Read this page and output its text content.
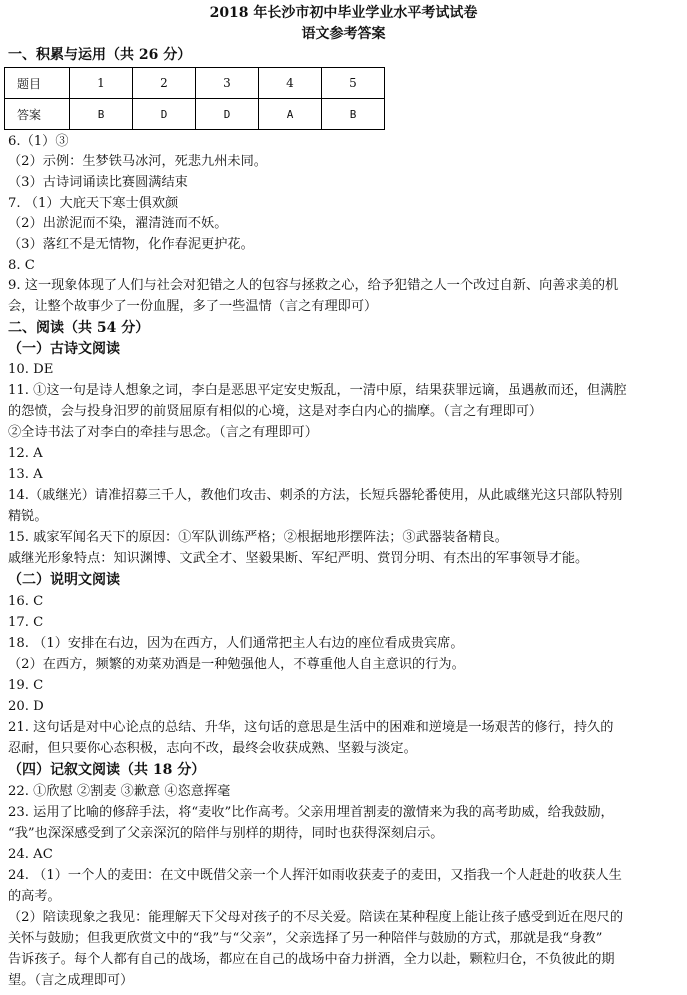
2018 年长沙市初中毕业学业水平考试试卷
语文参考答案
一、积累与运用（共 26 分）
题目	1	2	3	4	5
答案	B	D	D	A	B
6.（1）③
（2）示例：生梦铁马冰河，死悲九州未同。
（3）古诗词诵读比赛圆满结束
7. （1）大庇天下寒士俱欢颜
（2）出淤泥而不染，濯清涟而不妖。
（3）落红不是无情物，化作春泥更护花。
8. C
9. 这一现象体现了人们与社会对犯错之人的包容与拯救之心，给予犯错之人一个改过自新、向善求美的机
会，让整个故事少了一份血腥，多了一些温情（言之有理即可）
二、阅读（共 54 分）
（一）古诗文阅读
10. DE
11. ①这一句是诗人想象之词，李白是恶思平定安史叛乱，一清中原，结果获罪远谪，虽遇赦而还，但满腔
的怨愤，会与投身汨罗的前贤屈原有相似的心境，这是对李白内心的揣摩。（言之有理即可）
②全诗书法了对李白的牵挂与思念。（言之有理即可）
12. A
13. A
14.（戚继光）请准招募三千人，教他们攻击、刺杀的方法，长短兵器轮番使用，从此戚继光这只部队特别
精锐。
15. 戚家军闻名天下的原因：①军队训练严格；②根据地形摆阵法；③武器装备精良。
戚继光形象特点：知识渊博、文武全才、坚毅果断、军纪严明、赏罚分明、有杰出的军事领导才能。
（二）说明文阅读
16. C
17. C
18. （1）安排在右边，因为在西方，人们通常把主人右边的座位看成贵宾席。
（2）在西方，频繁的劝菜劝酒是一种勉强他人，不尊重他人自主意识的行为。
19. C
20. D
21. 这句话是对中心论点的总结、升华，这句话的意思是生活中的困难和逆境是一场艰苦的修行，持久的
忍耐，但只要你心态积极，志向不改，最终会收获成熟、坚毅与淡定。
（四）记叙文阅读（共 18 分）
22. ①欣慰 ②割麦 ③歉意 ④恣意挥毫
23. 运用了比喻的修辞手法，将“麦收”比作高考。父亲用埋首割麦的激情来为我的高考助威，给我鼓励，
“我”也深深感受到了父亲深沉的陪伴与别样的期待，同时也获得深刻启示。
24. AC
24. （1）一个人的麦田：在文中既借父亲一个人挥汗如雨收获麦子的麦田，又指我一个人赶赴的收获人生
的高考。
（2）陪读现象之我见：能理解天下父母对孩子的不尽关爱。陪读在某种程度上能让孩子感受到近在咫尺的
关怀与鼓励；但我更欣赏文中的“我”与“父亲”，父亲选择了另一种陪伴与鼓励的方式，那就是我“身教”
告诉孩子。每个人都有自己的战场，都应在自己的战场中奋力拼酒，全力以赴，颗粒归仓，不负彼此的期
望。（言之成理即可）
